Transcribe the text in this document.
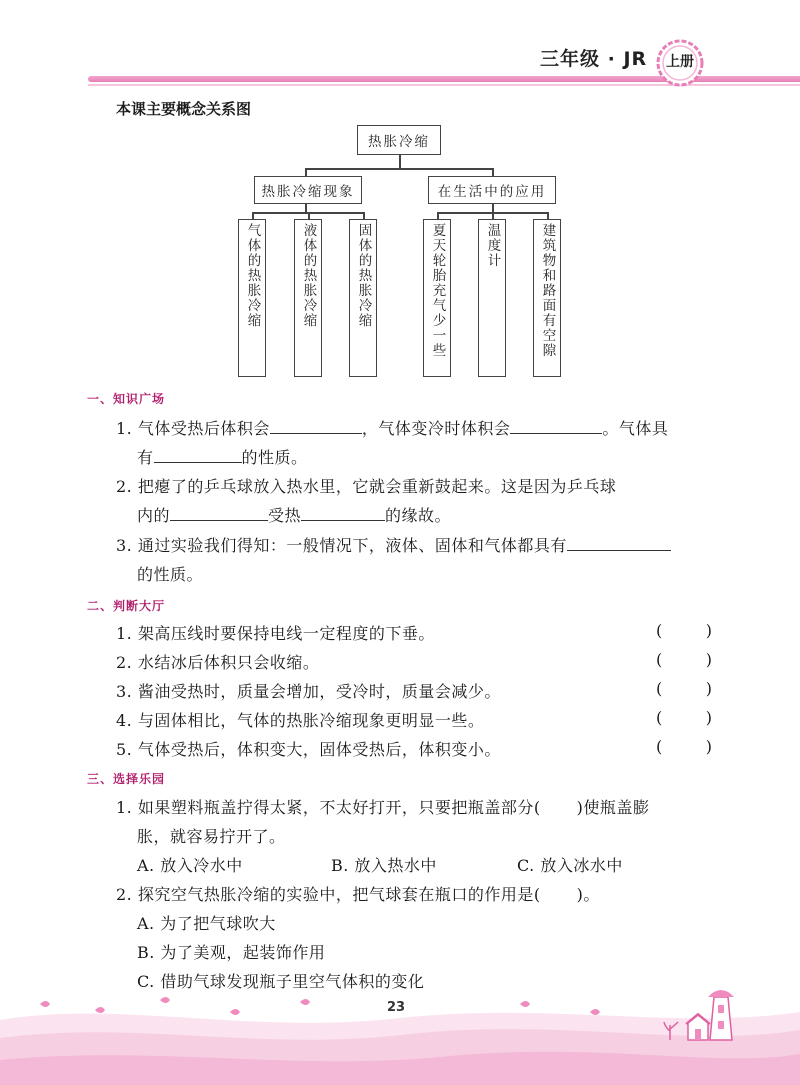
三年级 · JR	上册
本课主要概念关系图
热胀冷缩
热胀冷缩现象	在生活中的应用
气体的热胀冷缩	液体的热胀冷缩	固体的热胀冷缩	夏天轮胎充气少一些	温度计	建筑物和路面有空隙
一、知识广场
1. 气体受热后体积会	，气体变冷时体积会	。气体具
有	的性质。
2. 把瘪了的乒乓球放入热水里，它就会重新鼓起来。这是因为乒乓球
内的	受热	的缘故。
3. 通过实验我们得知：一般情况下，液体、固体和气体都具有
的性质。
二、判断大厅
1. 架高压线时要保持电线一定程度的下垂。	(	)
2. 水结冰后体积只会收缩。	(	)
3. 酱油受热时，质量会增加，受冷时，质量会减少。	(	)
4. 与固体相比，气体的热胀冷缩现象更明显一些。	(	)
5. 气体受热后，体积变大，固体受热后，体积变小。	(	)
三、选择乐园
1. 如果塑料瓶盖拧得太紧，不太好打开，只要把瓶盖部分( )使瓶盖膨
胀，就容易拧开了。
A. 放入冷水中	B. 放入热水中	C. 放入冰水中
2. 探究空气热胀冷缩的实验中，把气球套在瓶口的作用是( )。
A. 为了把气球吹大
B. 为了美观，起装饰作用
C. 借助气球发现瓶子里空气体积的变化
23
